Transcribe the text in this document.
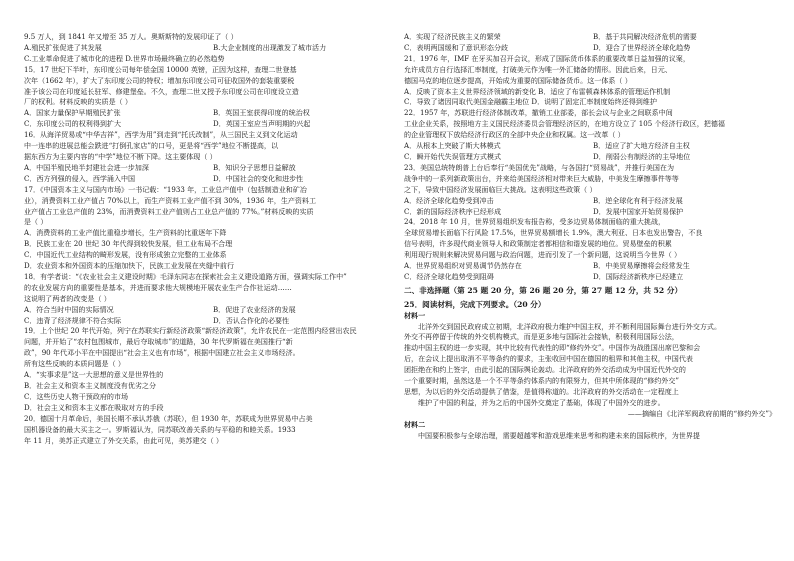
9.5 万人，到 1841 年又增至 35 万人。奥斯斯特的发展印证了（ ）
A.殖民扩张促进了其发展	B.大企业制度的出现激发了城市活力
C.工业革命促进了城市化的进程 D.世界市场最终确立的必然趋势
15．17 世纪下半叶，东印度公司每年偿金国 10000 英镑，正因为这样，查理二世登基
次年（1662 年），扩大了东印度公司的特权；增加东印度公司可征收国外的套装重要税
准予该公司在印度延长驻军、修建堡垒。不久，查理二世又授予东印度公司在印度设立造
厂的权利。材料反映的实质是（ ）
A．国家力量保护早期殖民扩张	B．英国王室获得印度的统治权
C．东印度公司的权利得到扩大	D．英国王室应当声明期的兴起
16．从海洋贸易或“中华吉祥”，西学为用”到走到“托氏改制”，从三国民主义到文化运动
中一连串的进展总能会跌进“打倒孔家店”的口号，更是将“西学”地位不断提高，以
据东西方为主要内容的“中学”地位不断下降。这主要体现（ ）
A．中国半殖民地半封建社会进一步加深	B．知识分子思想日益解放
C．西方列强的侵入，西学涌入中国	D．中国社会的变化和进步性
17．《中国资本主义与国内市场》一书记载：“1933 年，工业总产值中（包括制造业和矿冶
业），消费资料工业产值占 70%以上，而生产资料工业产值不到 30%，1936 年，生产资料工
业产值占工业总产值的 23%，而消费资料工业产值则占工业总产值的 77%。”材料反映的实质
是（ ）
A．消费资料的工业产值比重稳步增长，生产资料的比重逐年下降
B．民族工业在 20 世纪 30 年代得到较快发展，但工业布局不合理
C．中国近代工业结构的畸形发展，没有形成独立完整的工业体系
D．农业资本和外国资本的压缩加快下，民族工业发展在夹缝中前行
18．有学者说：“《农业社会主义建设时期》毛泽东同志在探索社会主义建设道路方面，强调实际工作中”
的农业发展方向的重要性是基本，并进而要求他大规模地开展农业生产合作社运动……
这说明了两者的改变是（ ）
A．符合当时中国的实际情况	B．促进了农业经济的发展
C．违背了经济规律不符合实际	D．否认合作化的必要性
19．上个世纪 20 年代开始，列宁在苏联实行新经济政策“新经济政策”，允许农民在一定范围内经营出农民
问题，并开始了“农村包围城市，最后夺取城市”的道路，30 年代罗斯福在美国推行“新
政”，90 年代邓小平在中国提出“社会主义也有市场”，根据中国建立社会主义市场经济。
所有这些反映的本质问题是（ ）
A．“实事求是”这一大思想的意义是世界性的
B．社会主义和资本主义制度没有优劣之分
C．这些历史人物干预政府的市场
D．社会主义和资本主义都在吸取对方的手段
20．德国十月革命后，美国长期不承认苏俄（苏联），但 1930 年，苏联成为世界贸易中占美
国机器设备的最大买主之一。罗斯福认为，同苏联改善关系的与平稳的和睦关系。1933
年 11 月，美苏正式建立了外交关系，由此可见，美苏建交（ ）
A．实现了经济民族主义的繁荣	B．基于共同解决经济危机的需要
C．表明两国缓和了意识形态分歧	D．迎合了世界经济全球化趋势
21．1976 年，IMF 在牙买加召开会议，形成了国际货币体系的重要改革日益加强的议案，
允许成员方自行选择汇率制度，打破美元作为唯一外汇储备的情形。因此后来，日元、
德国马克的地位逐步提高，开始成为重要的国际储备货币。这一体系（ ）
A．反映了资本主义世界经济领域的新变化 B．适应了布雷顿森林体系的管理运作机制
C．导致了诸因同取代美国金融霸主地位 D．说明了固定汇率制度始终还得到维护
22．1957 年，苏联进行经济体制改革，撤销工业部委，部长会议与企业之间联系中间
工业企业关系，按照地方主义国民经济委员会管理经济区的，在地方设立了 105 个经济行政区，把德福
的企业管理权下放给经济行政区的全部中央企业和权属。这一改革（ ）
A．从根本上突破了斯大林模式	B．适应了扩大地方经济自主权
C．瞬开始代失误管理方式模式	D．削弱公有制经济的主导地位
23．美国总统特朗普上台后奉行“美国优先”战略，与各国打“贸易战”，并推行美国在为
战争中的一系列新政策出台，并来给美国经济相对带来巨大威胁，中美发生摩擦事件等等
之下，导致中国经济发展面临巨大挑战。这表明这些政策（ ）
A．经济全球化趋势受到冲击	B．逆全球化有利于经济发展
C．新的国际经济秩序已经形成	D．发展中国家开始贸易保护
24．2018 年 10 月，世界贸易组织发布报告称，受多边贸易体制面临的重大挑战，
全球贸易增长面临下行风险 17.5%，世界贸易额增长 1.9%，澳大利亚、日本也发出警告，不良
信号表明，许多现代商业领导人和政策制定者都相信和谐发展的地位。贸易壁垒的积累
利用现行规则来解决贸易问题与政治问题，进而引发了一个新问题，这说明当今世界（ ）
A．世界贸易组织对贸易调节仍然存在	B．中美贸易摩擦将会经常发生
C．经济全球化趋势受到阻碍	D．国际经济新秩序已经建立
二、非选择题（第 25 题 20 分，第 26 题 20 分，第 27 题 12 分，共 52 分）
25．阅读材料，完成下列要求。（20 分）
材料一
北洋外交到国民政府成立初期，北洋政府极力维护中国主权，并不断利用国际舞台进行外交方式。
外交不再停留于传统的外交机构模式，而是更多地与国际社会接轨，积极利用国际公法，
推动中国主权的进一步实现，其中比较有代表性的即“修约外交”。中国作为战胜国出席巴黎和会
后，在会议上提出取消不平等条约的要求，主张收回中国在德国的租界和其他主权，中国代表
团拒绝在和约上签字，由此引起的国际舆论轰动。北洋政府的外交活动成为中国近代外交的
一个重要时期，虽然这是一个不平等条约体系内的有限努力，但其中所体现的“修约外交”
思想，为以后的外交活动提供了借鉴，是值得称道的。北洋政府的外交活动在一定程度上
维护了中国的利益，并为之后的中国外交奠定了基础，体现了中国外交的进步。
——摘编自《北洋军阀政府前期的“修约外交”》
材料二
中国要积极参与全球治理，需要超越零和游戏思维来思考和构建未来的国际秩序，为世界提
